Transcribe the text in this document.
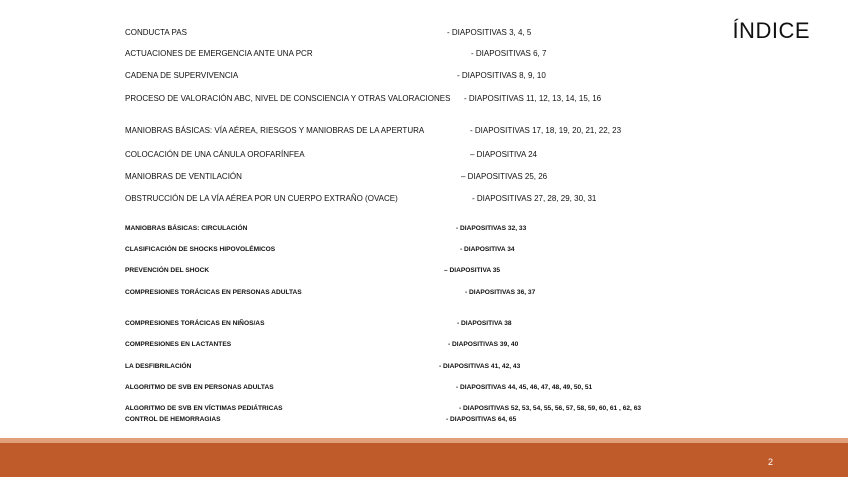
ÍNDICE
CONDUCTA PAS	- DIAPOSITIVAS 3, 4, 5
ACTUACIONES DE EMERGENCIA ANTE UNA PCR	- DIAPOSITIVAS 6, 7
CADENA DE SUPERVIVENCIA	- DIAPOSITIVAS 8, 9, 10
PROCESO DE VALORACIÓN ABC, NIVEL DE CONSCIENCIA Y OTRAS VALORACIONES - DIAPOSITIVAS 11, 12, 13, 14, 15, 16
MANIOBRAS BÁSICAS: VÍA AÉREA, RIESGOS Y MANIOBRAS DE LA APERTURA	- DIAPOSITIVAS 17, 18, 19, 20, 21, 22, 23
COLOCACIÓN DE UNA CÁNULA OROFARÍNFEA	– DIAPOSITIVA 24
MANIOBRAS DE VENTILACIÓN	– DIAPOSITIVAS 25, 26
OBSTRUCCIÓN DE LA VÍA AÉREA POR UN CUERPO EXTRAÑO (OVACE)	- DIAPOSITIVAS 27, 28, 29, 30, 31
MANIOBRAS BÁSICAS: CIRCULACIÓN	- DIAPOSITIVAS 32, 33
CLASIFICACIÓN DE SHOCKS HIPOVOLÉMICOS	- DIAPOSITIVA 34
PREVENCIÓN DEL SHOCK	– DIAPOSITIVA 35
COMPRESIONES TORÁCICAS EN PERSONAS ADULTAS	- DIAPOSITIVAS 36, 37
COMPRESIONES TORÁCICAS EN NIÑOS/AS	- DIAPOSITIVA 38
COMPRESIONES EN LACTANTES	- DIAPOSITIVAS 39, 40
LA DESFIBRILACIÓN	- DIAPOSITIVAS 41, 42, 43
ALGORITMO DE SVB EN PERSONAS ADULTAS	- DIAPOSITIVAS 44, 45, 46, 47, 48, 49, 50, 51
ALGORITMO DE SVB EN VÍCTIMAS PEDIÁTRICAS	- DIAPOSITIVAS 52, 53, 54, 55, 56, 57, 58, 59, 60, 61 , 62, 63
CONTROL DE HEMORRAGIAS	- DIAPOSITIVAS 64, 65
2
